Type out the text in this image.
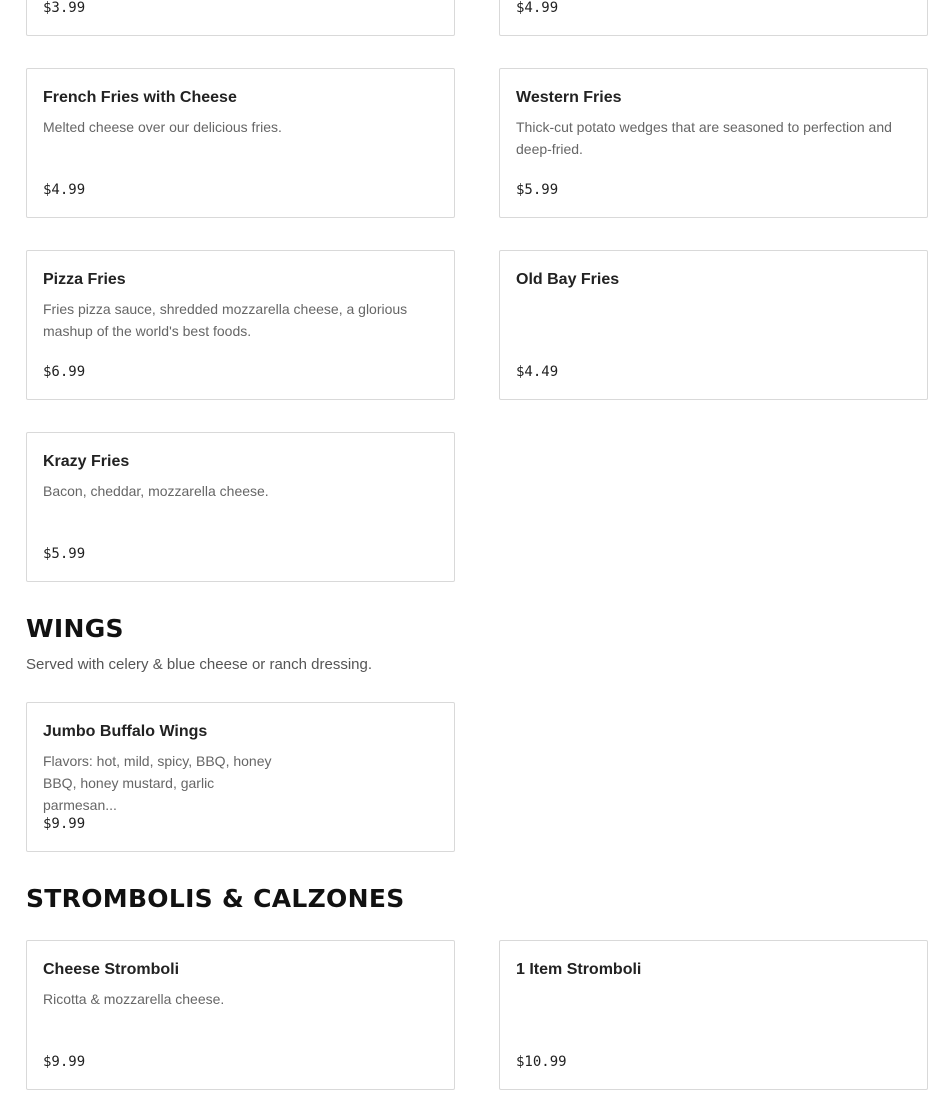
$3.99	$4.99
French Fries with Cheese
Melted cheese over our delicious fries.
$4.99
Western Fries
Thick-cut potato wedges that are seasoned to perfection and deep-fried.
$5.99
Pizza Fries
Fries pizza sauce, shredded mozzarella cheese, a glorious mashup of the world's best foods.
$6.99
Old Bay Fries
$4.49
Krazy Fries
Bacon, cheddar, mozzarella cheese.
$5.99
WINGS

Served with celery & blue cheese or ranch dressing.

Jumbo Buffalo Wings
Flavors: hot, mild, spicy, BBQ, honey BBQ, honey mustard, garlic parmesan...
$9.99
STROMBOLIS & CALZONES
Cheese Stromboli
Ricotta & mozzarella cheese.
$9.99
1 Item Stromboli
$10.99
